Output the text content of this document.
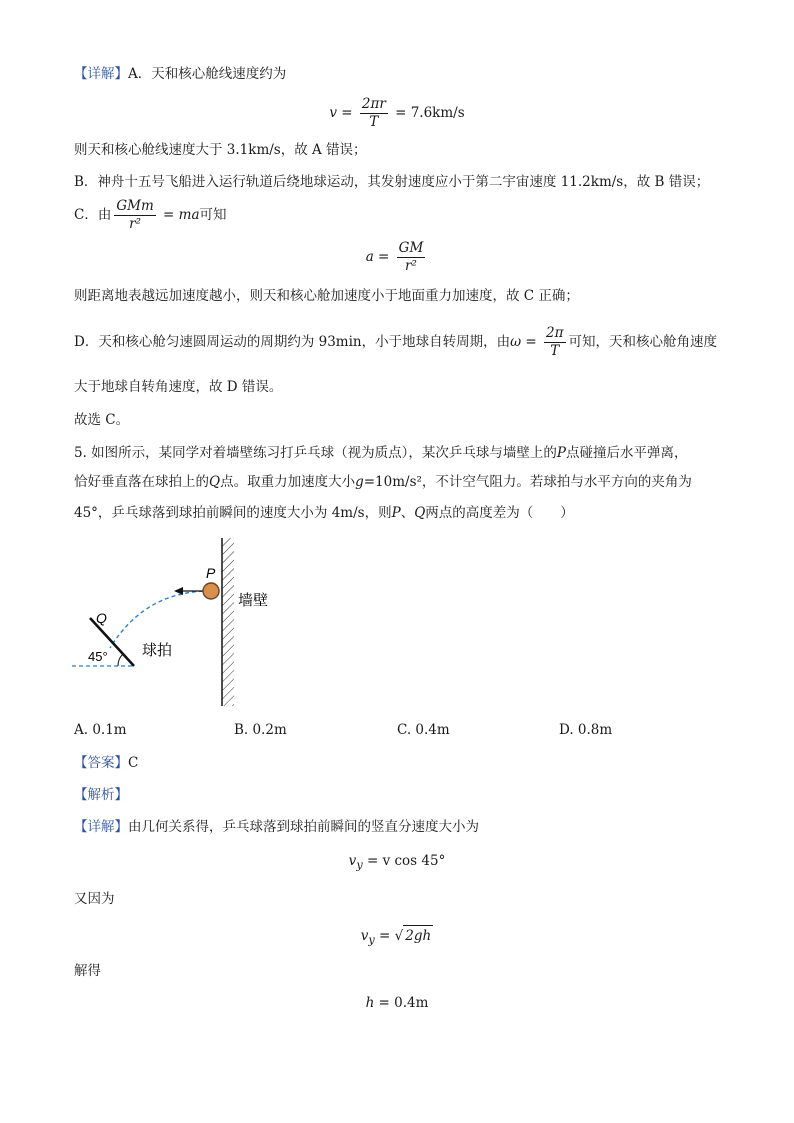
【详解】A．天和核心舱线速度约为
$v = \frac{2\pi r}{T} = 7.6km/s$
则天和核心舱线速度大于 3.1km/s，故 A 错误；
B．神舟十五号飞船进入运行轨道后绕地球运动，其发射速度应小于第二宇宙速度 11.2km/s，故 B 错误；
C．由 $\frac{\text{GMm}}{\text{r²}}$ = ma可知
$a = \frac{GM}{\text{r²}}$
则距离地表越远加速度越小，则天和核心舱加速度小于地面重力加速度，故 C 正确；
D．天和核心舱匀速圆周运动的周期约为 93min，小于地球自转周期，由$\omega = \frac{2\pi}{T}$ 可知，天和核心舱角速度
大于地球自转角速度，故 D 错误。
故选 C。
5. 如图所示，某同学对着墙壁练习打乒乓球（视为质点），某次乒乓球与墙壁上的P点碰撞后水平弹离，
恰好垂直落在球拍上的Q点。取重力加速度大小g=10m/s²，不计空气阻力。若球拍与水平方向的夹角为
45°，乒乓球落到球拍前瞬间的速度大小为 4m/s，则P、Q两点的高度差为（　　）
P
Q
墙壁
球拍
45°
A. 0.1m	B. 0.2m	C. 0.4m	D. 0.8m
【答案】C
【解析】
【详解】由几何关系得，乒乓球落到球拍前瞬间的竖直分速度大小为
$v_y = v$ cos 45°
又因为
$v_y$ = √ 2gh
解得
h = 0.4m
